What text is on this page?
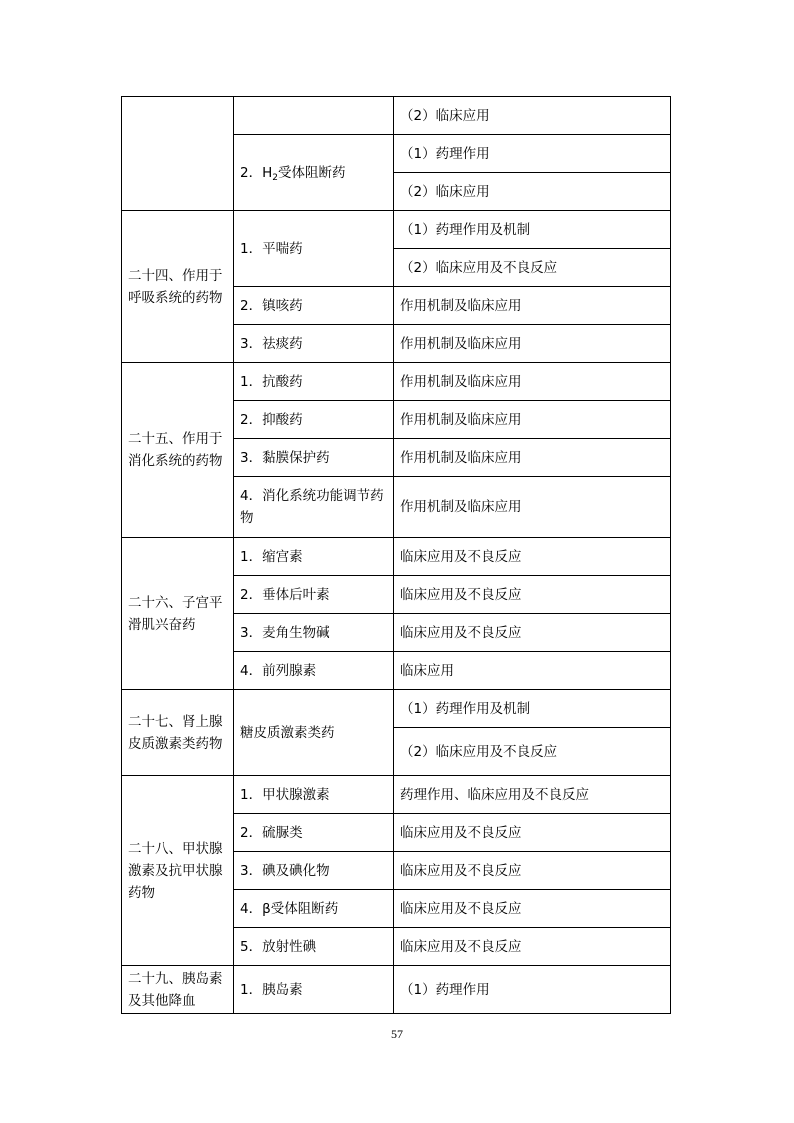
		（2）临床应用
	2．$H_2$受体阻断药	（1）药理作用
		（2）临床应用
二十四、作用于呼吸系统的药物	1．平喘药	（1）药理作用及机制
		（2）临床应用及不良反应
	2．镇咳药	作用机制及临床应用
	3．祛痰药	作用机制及临床应用
二十五、作用于消化系统的药物	1．抗酸药	作用机制及临床应用
	2．抑酸药	作用机制及临床应用
	3．黏膜保护药	作用机制及临床应用
	4．消化系统功能调节药物	作用机制及临床应用
二十六、子宫平滑肌兴奋药	1．缩宫素	临床应用及不良反应
	2．垂体后叶素	临床应用及不良反应
	3．麦角生物碱	临床应用及不良反应
	4．前列腺素	临床应用
二十七、肾上腺皮质激素类药物	糖皮质激素类药	（1）药理作用及机制
		（2）临床应用及不良反应
二十八、甲状腺激素及抗甲状腺药物	1．甲状腺激素	药理作用、临床应用及不良反应
	2．硫脲类	临床应用及不良反应
	3．碘及碘化物	临床应用及不良反应
	4．β受体阻断药	临床应用及不良反应
	5．放射性碘	临床应用及不良反应
二十九、胰岛素及其他降血	1．胰岛素	（1）药理作用
57
